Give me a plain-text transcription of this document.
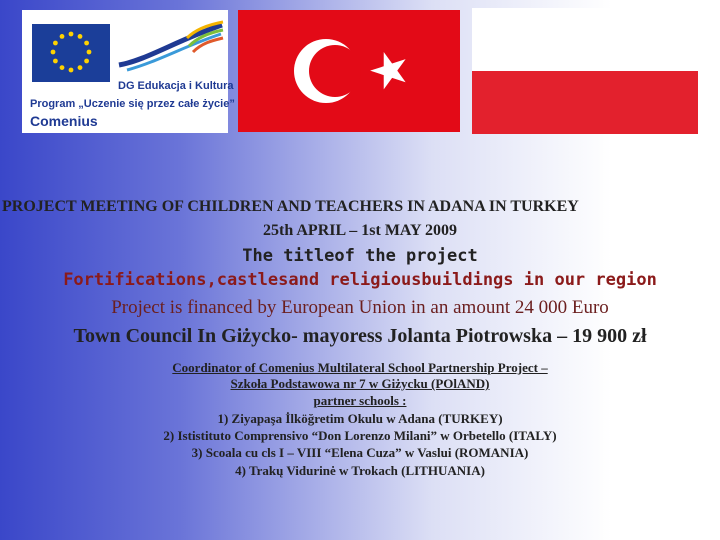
DG Edukacja i Kultura
Program „Uczenie się przez całe życie”
Comenius
PROJECT MEETING OF CHILDREN AND TEACHERS IN ADANA IN TURKEY
25th APRIL – 1st MAY 2009
The titleof the project
Fortifications,castlesand religiousbuildings in our region
Project is financed by European Union in an amount 24 000 Euro
Town Council In Giżycko- mayoress Jolanta Piotrowska – 19 900 zł
Coordinator of Comenius Multilateral School Partnership Project –
Szkoła Podstawowa nr 7 w Giżycku (POlAND)
partner schools :
1) Ziyapaşa İlköğretim Okulu w Adana (TURKEY)
2) Ististituto Comprensivo “Don Lorenzo Milani” w Orbetello (ITALY)
3) Scoala cu cls I – VIII “Elena Cuza” w Vaslui (ROMANIA)
4) Trakų Vidurinė w Trokach (LITHUANIA)
